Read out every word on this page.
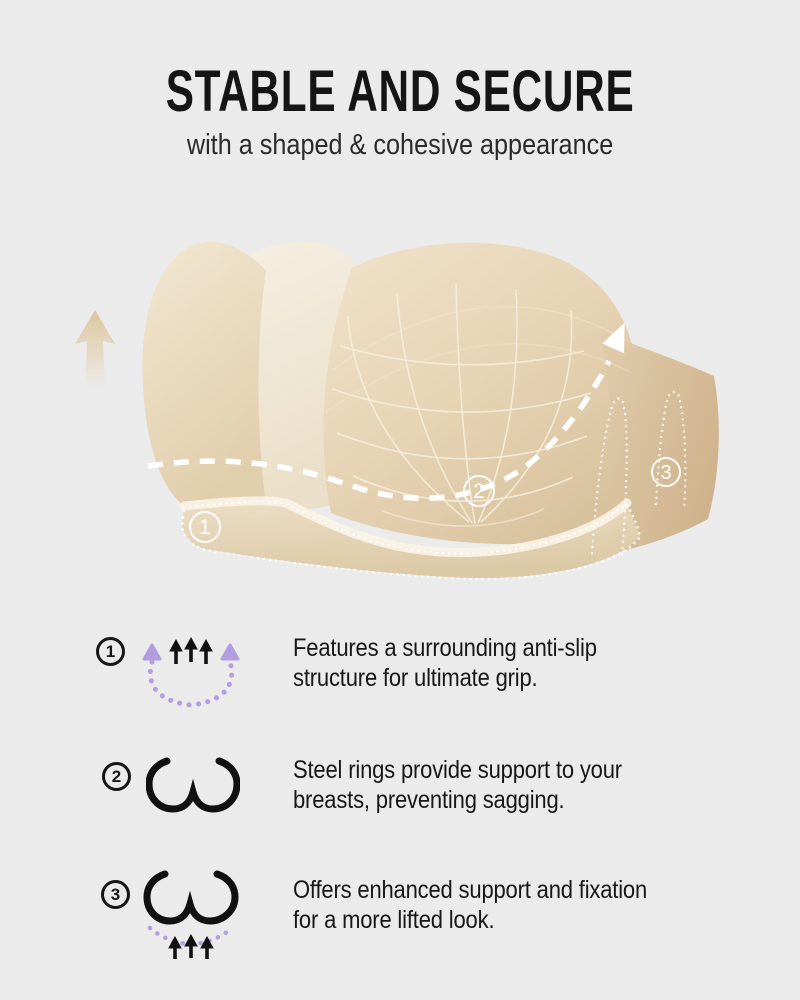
STABLE AND SECURE

with a shaped & cohesive appearance

1
2
3
1	Features a surrounding anti-slip
structure for ultimate grip.
2	Steel rings provide support to your
breasts, preventing sagging.
3	Offers enhanced support and fixation
for a more lifted look.
